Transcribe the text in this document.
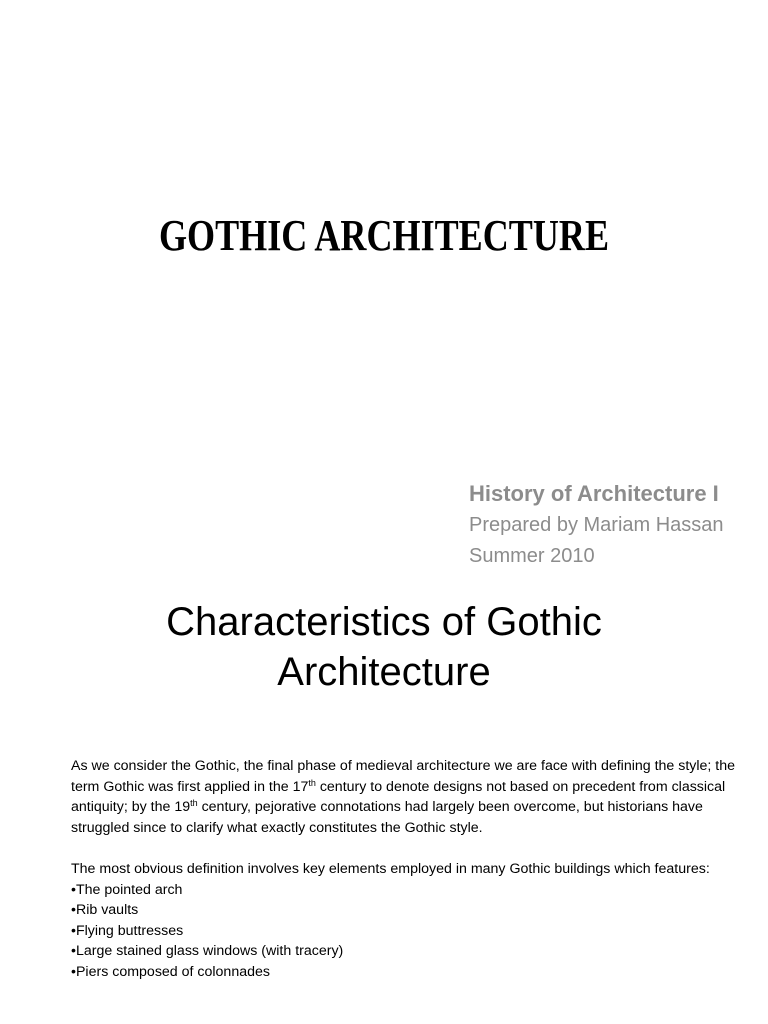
GOTHIC ARCHITECTURE
History of Architecture I
Prepared by Mariam Hassan
Summer 2010
Characteristics of Gothic
Architecture

As we consider the Gothic, the final phase of medieval architecture we are face with defining the style; the term Gothic was first applied in the 17th century to denote designs not based on precedent from classical antiquity; by the 19th century, pejorative connotations had largely been overcome, but historians have struggled since to clarify what exactly constitutes the Gothic style.

The most obvious definition involves key elements employed in many Gothic buildings which features:

• The pointed arch
• Rib vaults
• Flying buttresses
• Large stained glass windows (with tracery)
• Piers composed of colonnades
